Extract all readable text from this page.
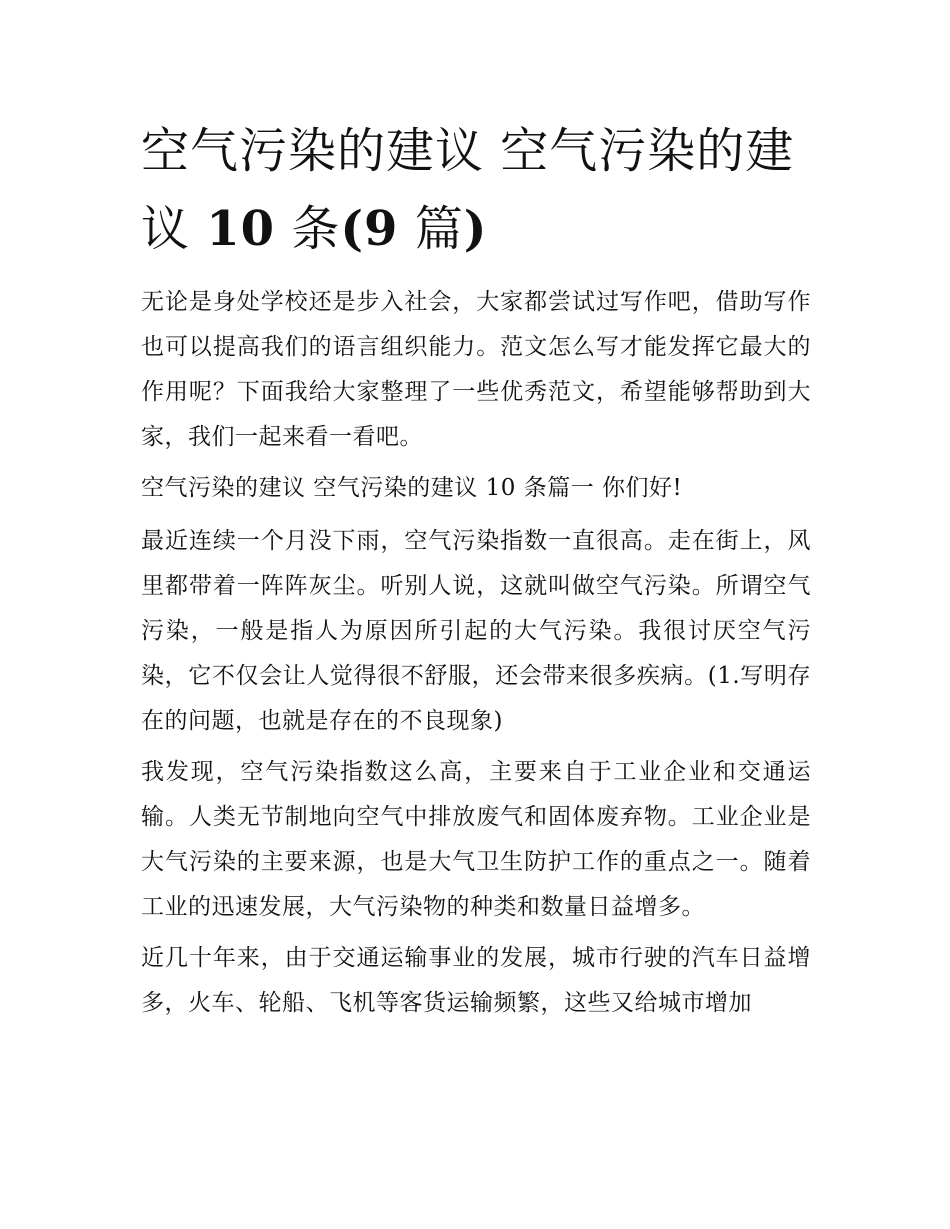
空气污染的建议 空气污染的建议 10 条(9 篇)

无论是身处学校还是步入社会，大家都尝试过写作吧，借助写作也可以提高我们的语言组织能力。范文怎么写才能发挥它最大的作用呢？下面我给大家整理了一些优秀范文，希望能够帮助到大家，我们一起来看一看吧。

空气污染的建议 空气污染的建议 10 条篇一 你们好!

最近连续一个月没下雨，空气污染指数一直很高。走在街上，风里都带着一阵阵灰尘。听别人说，这就叫做空气污染。所谓空气污染，一般是指人为原因所引起的大气污染。我很讨厌空气污染，它不仅会让人觉得很不舒服，还会带来很多疾病。(1.写明存在的问题，也就是存在的不良现象)

我发现，空气污染指数这么高，主要来自于工业企业和交通运输。人类无节制地向空气中排放废气和固体废弃物。工业企业是大气污染的主要来源，也是大气卫生防护工作的重点之一。随着工业的迅速发展，大气污染物的种类和数量日益增多。

近几十年来，由于交通运输事业的发展，城市行驶的汽车日益增多，火车、轮船、飞机等客货运输频繁，这些又给城市增加
